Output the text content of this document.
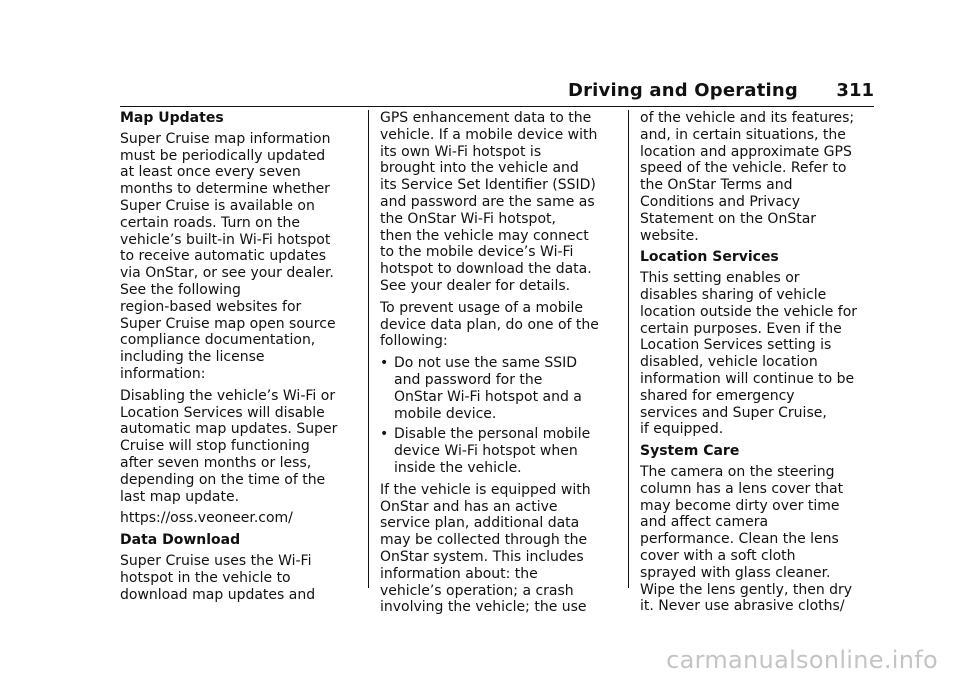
Driving and Operating 311
Map Updates

Super Cruise map information
must be periodically updated
at least once every seven
months to determine whether
Super Cruise is available on
certain roads. Turn on the
vehicle’s built-in Wi-Fi hotspot
to receive automatic updates
via OnStar, or see your dealer.
See the following
region-based websites for
Super Cruise map open source
compliance documentation,
including the license
information:

Disabling the vehicle’s Wi-Fi or
Location Services will disable
automatic map updates. Super
Cruise will stop functioning
after seven months or less,
depending on the time of the
last map update.

https://oss.veoneer.com/

Data Download

Super Cruise uses the Wi-Fi
hotspot in the vehicle to
download map updates and

GPS enhancement data to the
vehicle. If a mobile device with
its own Wi-Fi hotspot is
brought into the vehicle and
its Service Set Identifier (SSID)
and password are the same as
the OnStar Wi-Fi hotspot,
then the vehicle may connect
to the mobile device’s Wi-Fi
hotspot to download the data.
See your dealer for details.

To prevent usage of a mobile
device data plan, do one of the
following:

• Do not use the same SSID
and password for the
OnStar Wi-Fi hotspot and a
mobile device.
• Disable the personal mobile
device Wi-Fi hotspot when
inside the vehicle.

If the vehicle is equipped with
OnStar and has an active
service plan, additional data
may be collected through the
OnStar system. This includes
information about: the
vehicle’s operation; a crash
involving the vehicle; the use

of the vehicle and its features;
and, in certain situations, the
location and approximate GPS
speed of the vehicle. Refer to
the OnStar Terms and
Conditions and Privacy
Statement on the OnStar
website.

Location Services

This setting enables or
disables sharing of vehicle
location outside the vehicle for
certain purposes. Even if the
Location Services setting is
disabled, vehicle location
information will continue to be
shared for emergency
services and Super Cruise,
if equipped.

System Care

The camera on the steering
column has a lens cover that
may become dirty over time
and affect camera
performance. Clean the lens
cover with a soft cloth
sprayed with glass cleaner.
Wipe the lens gently, then dry
it. Never use abrasive cloths/

carmanualsonline.info
